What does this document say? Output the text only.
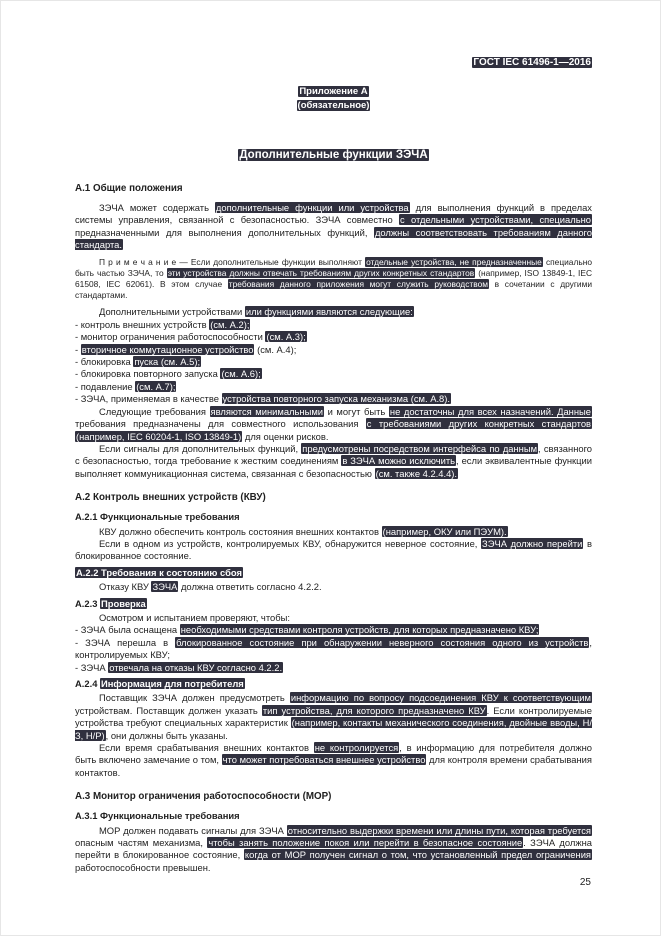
ГОСТ IEC 61496-1—2016
Приложение А
(обязательное)
Дополнительные функции ЗЭЧА
А.1 Общие положения
ЗЭЧА может содержать дополнительные функции или устройства для выполнения функций в пределах системы управления, связанной с безопасностью. ЗЭЧА совместно с отдельными устройствами, специально предназначенными для выполнения дополнительных функций, должны соответствовать требованиям данного стандарта.
П р и м е ч а н и е — Если дополнительные функции выполняют отдельные устройства, не предназначенные специально быть частью ЗЭЧА, то эти устройства должны отвечать требованиям других конкретных стандартов (например, ISO 13849-1, IEC 61508, IEC 62061). В этом случае требования данного приложения могут служить руководством в сочетании с другими стандартами.
Дополнительными устройствами или функциями являются следующие:
- контроль внешних устройств (см. А.2);
- монитор ограничения работоспособности (см. А.3);
- вторичное коммутационное устройство (см. А.4);
- блокировка пуска (см. А.5);
- блокировка повторного запуска (см. А.6);
- подавление (см. А.7);
- ЗЭЧА, применяемая в качестве устройства повторного запуска механизма (см. А.8).
Следующие требования являются минимальными и могут быть не достаточны для всех назначений. Данные требования предназначены для совместного использования с требованиями других конкретных стандартов (например, IEC 60204-1, ISO 13849-1) для оценки рисков.
Если сигналы для дополнительных функций, предусмотрены посредством интерфейса по данным, связанного с безопасностью, тогда требование к жестким соединениям в ЗЭЧА можно исключить, если эквивалентные функции выполняет коммуникационная система, связанная с безопасностью (см. также 4.2.4.4).
А.2 Контроль внешних устройств (КВУ)
А.2.1 Функциональные требования
КВУ должно обеспечить контроль состояния внешних контактов (например, ОКУ или ПЭУМ).
Если в одном из устройств, контролируемых КВУ, обнаружится неверное состояние, ЗЭЧА должно перейти в блокированное состояние.
А.2.2 Требования к состоянию сбоя
Отказу КВУ ЗЭЧА должна ответить согласно 4.2.2.
А.2.3 Проверка
Осмотром и испытанием проверяют, чтобы:
- ЗЭЧА была оснащена необходимыми средствами контроля устройств, для которых предназначено КВУ;
- ЗЭЧА перешла в блокированное состояние при обнаружении неверного состояния одного из устройств, контролируемых КВУ;
- ЗЭЧА отвечала на отказы КВУ согласно 4.2.2.
А.2.4 Информация для потребителя
Поставщик ЗЭЧА должен предусмотреть информацию по вопросу подсоединения КВУ к соответствующим устройствам. Поставщик должен указать тип устройства, для которого предназначено КВУ. Если контролируемые устройства требуют специальных характеристик (например, контакты механического соединения, двойные вводы, Н/З, Н/Р), они должны быть указаны.
Если время срабатывания внешних контактов не контролируется, в информацию для потребителя должно быть включено замечание о том, что может потребоваться внешнее устройство для контроля времени срабатывания контактов.
А.3 Монитор ограничения работоспособности (МОР)
А.3.1 Функциональные требования
МОР должен подавать сигналы для ЗЭЧА относительно выдержки времени или длины пути, которая требуется опасным частям механизма, чтобы занять положение покоя или перейти в безопасное состояние. ЗЭЧА должна перейти в блокированное состояние, когда от МОР получен сигнал о том, что установленный предел ограничения работоспособности превышен.
25
